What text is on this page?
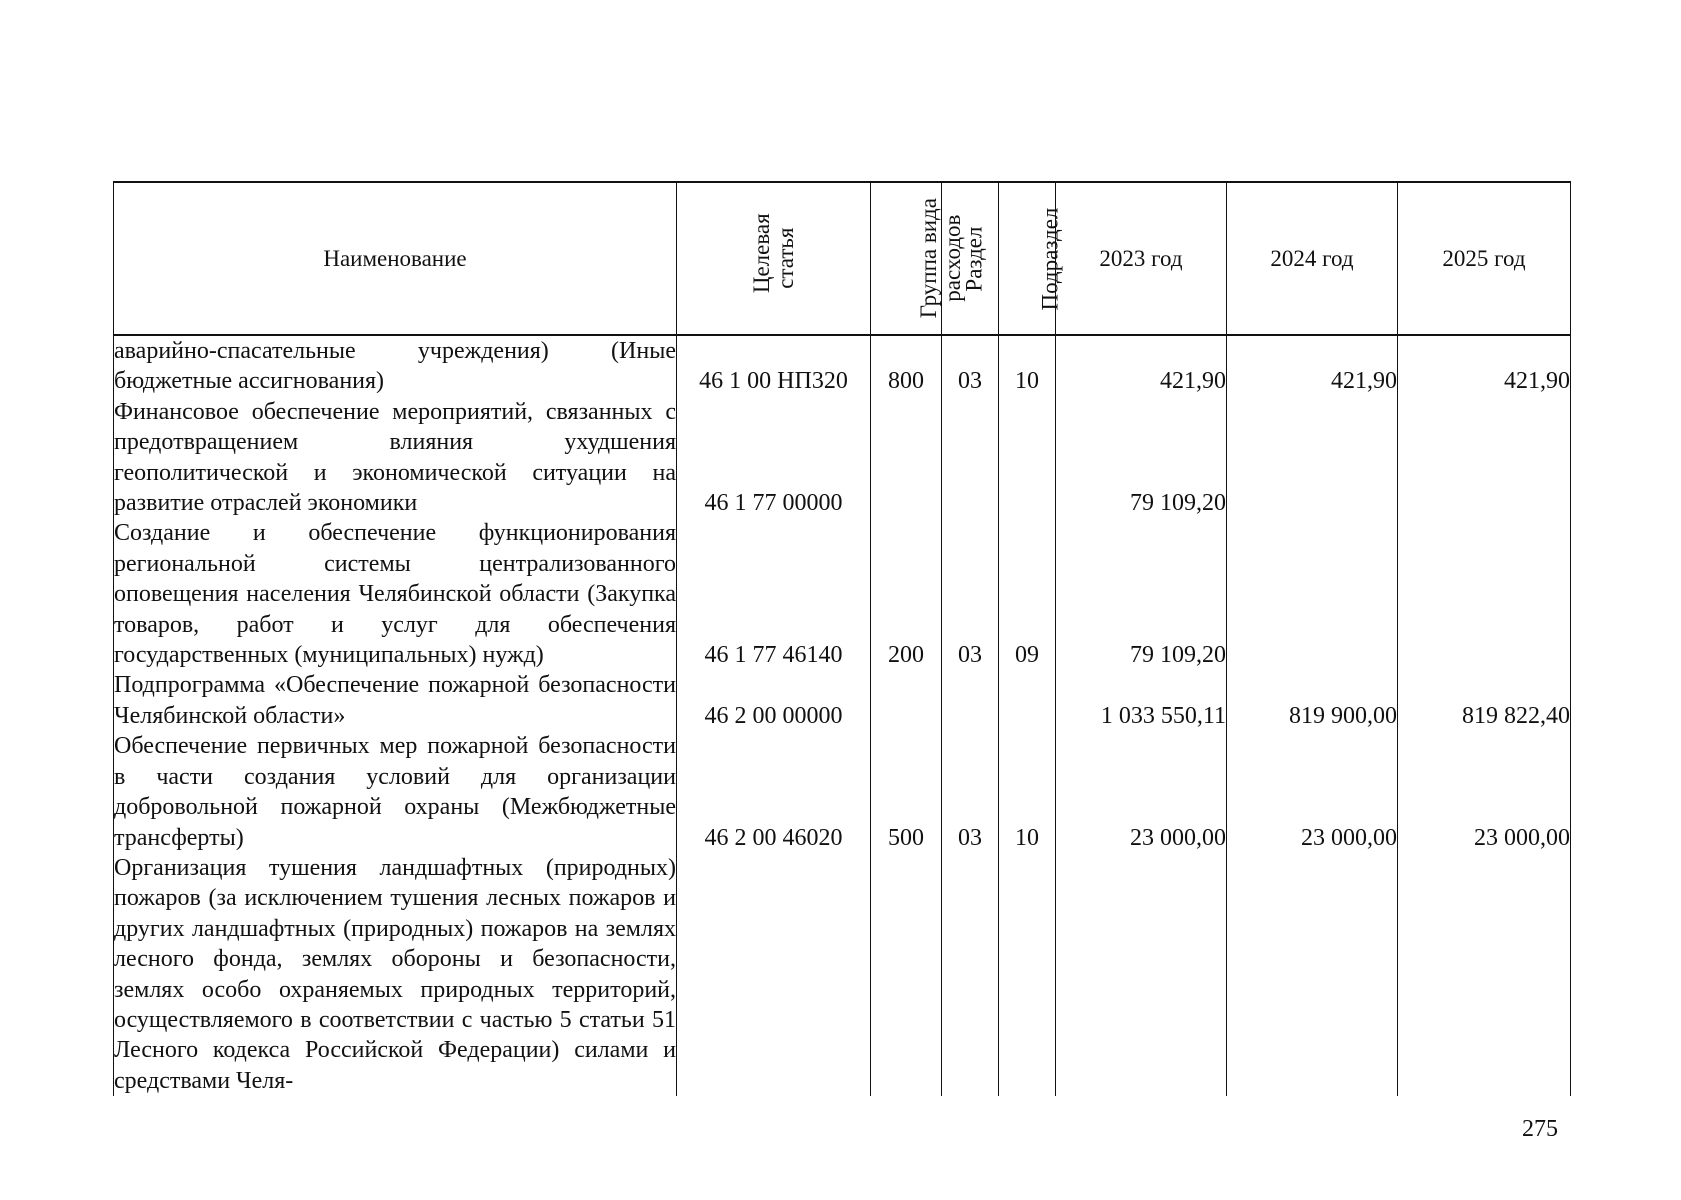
Наименование	Целевая статья	Группа вида расходов	Раздел	Подраздел	2023 год	2024 год	2025 год
аварийно-спасательные учреждения) (Иные бюджетные ассигнования)	46 1 00 НП320	800	03	10	421,90	421,90	421,90
Финансовое обеспечение мероприятий, связанных с предотвращением влияния ухудшения геополитической и экономической ситуации на развитие отраслей экономики	46 1 77 00000				79 109,20		
Создание и обеспечение функционирования региональной системы централизованного оповещения населения Челябинской области (Закупка товаров, работ и услуг для обеспечения государственных (муниципальных) нужд)	46 1 77 46140	200	03	09	79 109,20		
Подпрограмма «Обеспечение пожарной безопасности Челябинской области»	46 2 00 00000				1 033 550,11	819 900,00	819 822,40
Обеспечение первичных мер пожарной безопасности в части создания условий для организации добровольной пожарной охраны (Межбюджетные трансферты)	46 2 00 46020	500	03	10	23 000,00	23 000,00	23 000,00
Организация тушения ландшафтных (природных) пожаров (за исключением тушения лесных пожаров и других ландшафтных (природных) пожаров на землях лесного фонда, землях обороны и безопасности, землях особо охраняемых природных территорий, осуществляемого в соответствии с частью 5 статьи 51 Лесного кодекса Российской Федерации) силами и средствами Челя-							
275
